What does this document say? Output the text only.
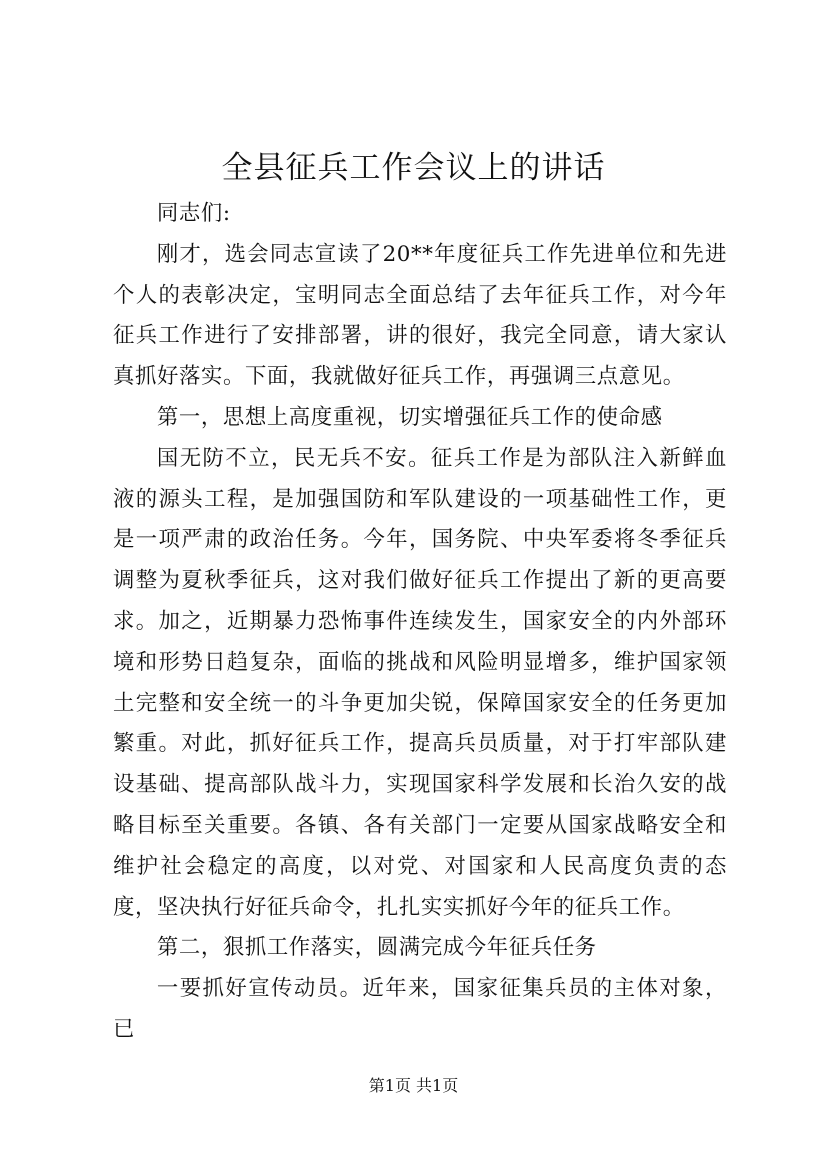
全县征兵工作会议上的讲话

同志们:

刚才，选会同志宣读了20**年度征兵工作先进单位和先进个人的表彰决定，宝明同志全面总结了去年征兵工作，对今年征兵工作进行了安排部署，讲的很好，我完全同意，请大家认真抓好落实。下面，我就做好征兵工作，再强调三点意见。

第一，思想上高度重视，切实增强征兵工作的使命感

国无防不立，民无兵不安。征兵工作是为部队注入新鲜血液的源头工程，是加强国防和军队建设的一项基础性工作，更是一项严肃的政治任务。今年，国务院、中央军委将冬季征兵调整为夏秋季征兵，这对我们做好征兵工作提出了新的更高要求。加之，近期暴力恐怖事件连续发生，国家安全的内外部环境和形势日趋复杂，面临的挑战和风险明显增多，维护国家领土完整和安全统一的斗争更加尖锐，保障国家安全的任务更加繁重。对此，抓好征兵工作，提高兵员质量，对于打牢部队建设基础、提高部队战斗力，实现国家科学发展和长治久安的战略目标至关重要。各镇、各有关部门一定要从国家战略安全和维护社会稳定的高度，以对党、对国家和人民高度负责的态度，坚决执行好征兵命令，扎扎实实抓好今年的征兵工作。

第二，狠抓工作落实，圆满完成今年征兵任务

一要抓好宣传动员。近年来，国家征集兵员的主体对象，已

第1页 共1页
